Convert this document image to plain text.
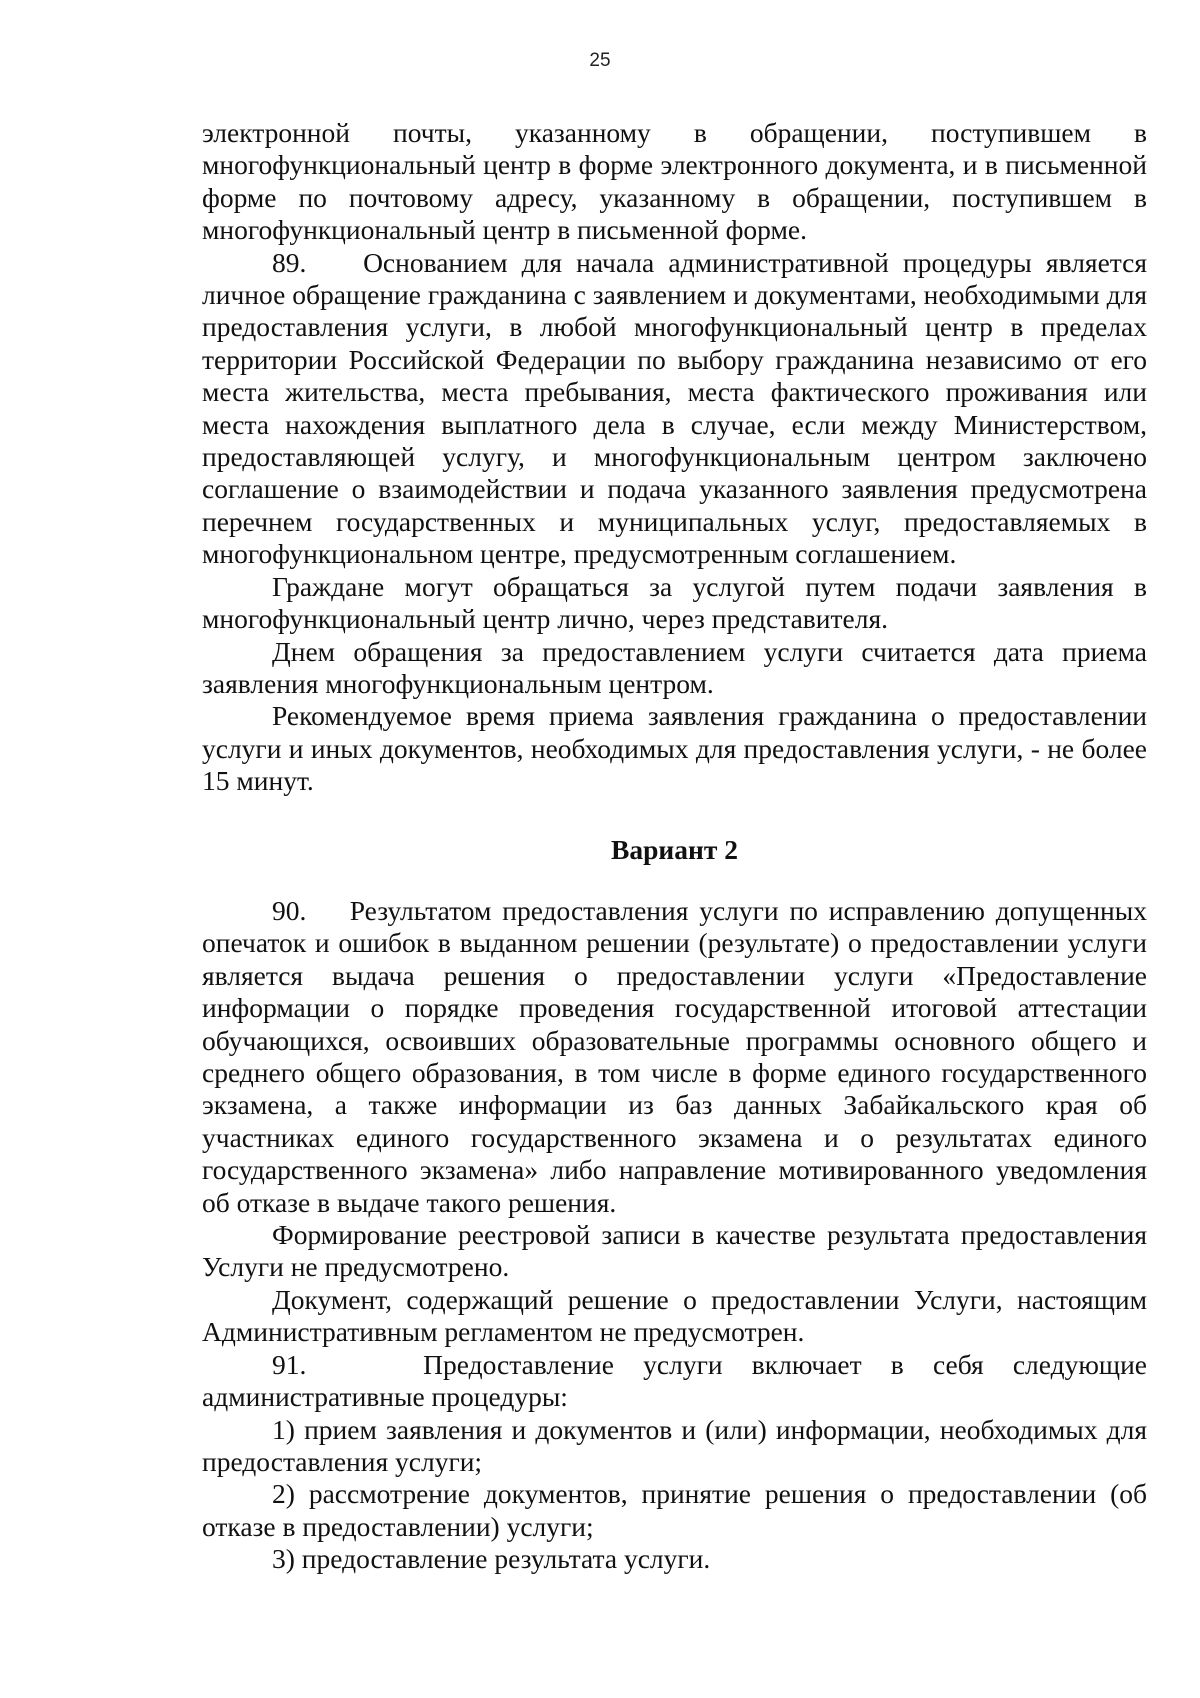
25

электронной почты, указанному в обращении, поступившем в многофункциональный центр в форме электронного документа, и в письменной форме по почтовому адресу, указанному в обращении, поступившем в многофункциональный центр в письменной форме.

89.    Основанием для начала административной процедуры является личное обращение гражданина с заявлением и документами, необходимыми для предоставления услуги, в любой многофункциональный центр в пределах территории Российской Федерации по выбору гражданина независимо от его места жительства, места пребывания, места фактического проживания или места нахождения выплатного дела в случае, если между Министерством, предоставляющей услугу, и многофункциональным центром заключено соглашение о взаимодействии и подача указанного заявления предусмотрена перечнем государственных и муниципальных услуг, предоставляемых в многофункциональном центре, предусмотренным соглашением.

Граждане могут обращаться за услугой путем подачи заявления в многофункциональный центр лично, через представителя.

Днем обращения за предоставлением услуги считается дата приема заявления многофункциональным центром.

Рекомендуемое время приема заявления гражданина о предоставлении услуги и иных документов, необходимых для предоставления услуги, - не более 15 минут.

Вариант 2

90.    Результатом предоставления услуги по исправлению допущенных опечаток и ошибок в выданном решении (результате) о предоставлении услуги является выдача решения о предоставлении услуги «Предоставление информации о порядке проведения государственной итоговой аттестации обучающихся, освоивших образовательные программы основного общего и среднего общего образования, в том числе в форме единого государственного экзамена, а также информации из баз данных Забайкальского края об участниках единого государственного экзамена и о результатах единого государственного экзамена» либо направление мотивированного уведомления об отказе в выдаче такого решения.

Формирование реестровой записи в качестве результата предоставления Услуги не предусмотрено.

Документ, содержащий решение о предоставлении Услуги, настоящим Административным регламентом не предусмотрен.

91.    Предоставление услуги включает в себя следующие административные процедуры:

1) прием заявления и документов и (или) информации, необходимых для предоставления услуги;

2) рассмотрение документов, принятие решения о предоставлении (об отказе в предоставлении) услуги;

3) предоставление результата услуги.
